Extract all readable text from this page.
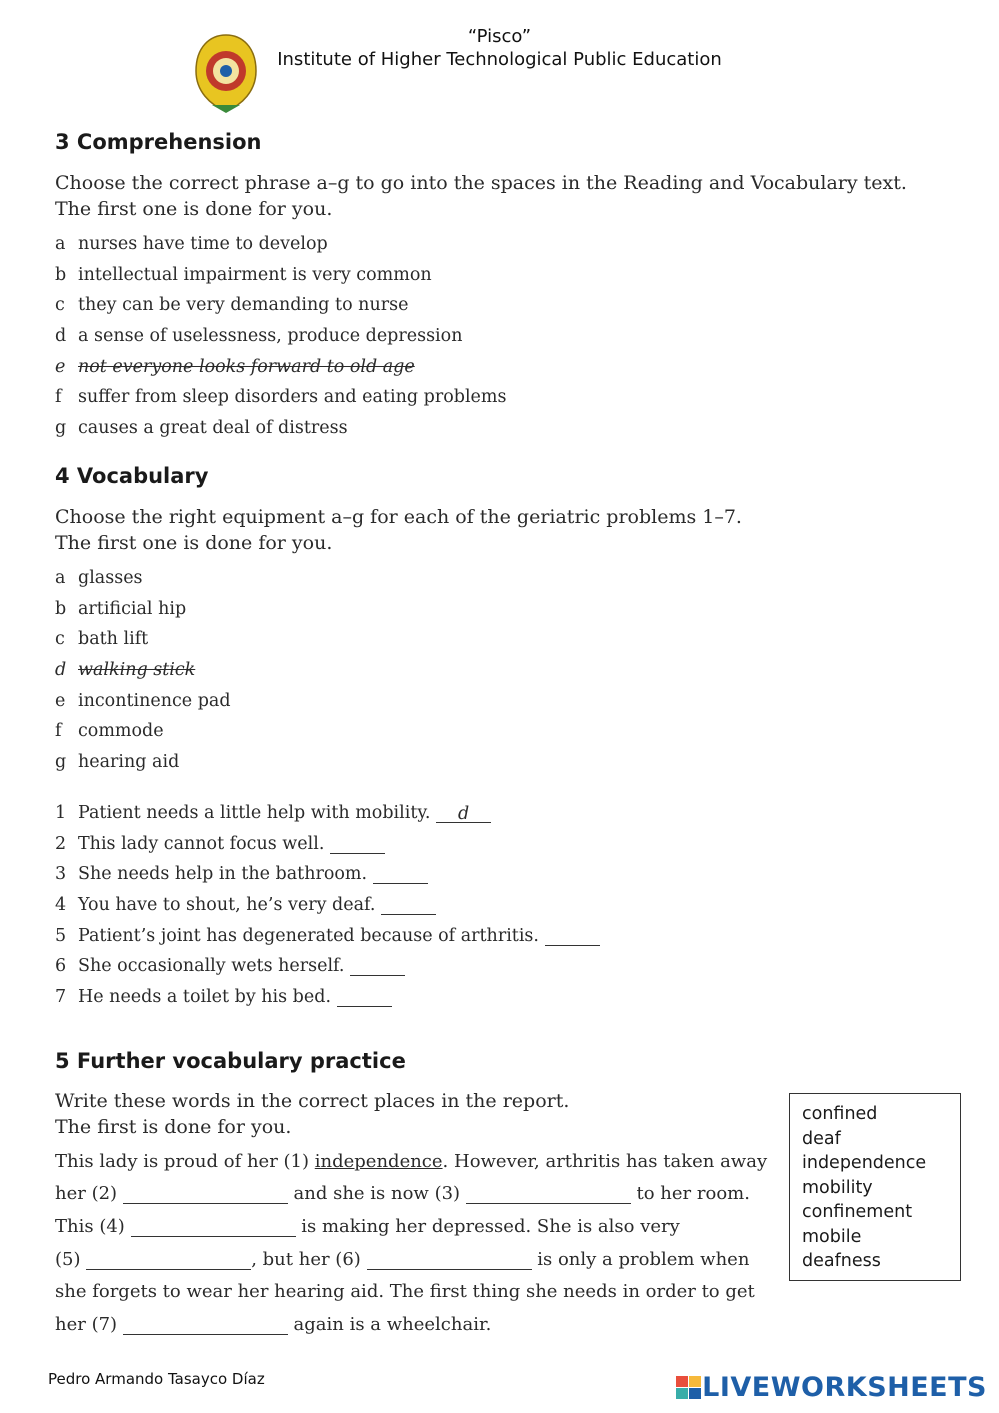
“Pisco”
Institute of Higher Technological Public Education
3 Comprehension
Choose the correct phrase a–g to go into the spaces in the Reading and Vocabulary text.
The first one is done for you.
a nurses have time to develop
b intellectual impairment is very common
c they can be very demanding to nurse
d a sense of uselessness, produce depression
e not everyone looks forward to old age
f suffer from sleep disorders and eating problems
g causes a great deal of distress
4 Vocabulary
Choose the right equipment a–g for each of the geriatric problems 1–7.
The first one is done for you.
a glasses
b artificial hip
c bath lift
d walking stick
e incontinence pad
f commode
g hearing aid
1 Patient needs a little help with mobility. d
2 This lady cannot focus well.
3 She needs help in the bathroom.
4 You have to shout, he’s very deaf.
5 Patient’s joint has degenerated because of arthritis.
6 She occasionally wets herself.
7 He needs a toilet by his bed.
5 Further vocabulary practice
Write these words in the correct places in the report.
The first is done for you.
This lady is proud of her (1) independence. However, arthritis has taken away
her (2)	and she is now (3)	to her room.
This (4)	is making her depressed. She is also very
(5)	, but her (6)	is only a problem when
she forgets to wear her hearing aid. The first thing she needs in order to get
her (7)	again is a wheelchair.
confined
deaf
independence
mobility
confinement
mobile
deafness
Pedro Armando Tasayco Díaz	LIVEWORKSHEETS
